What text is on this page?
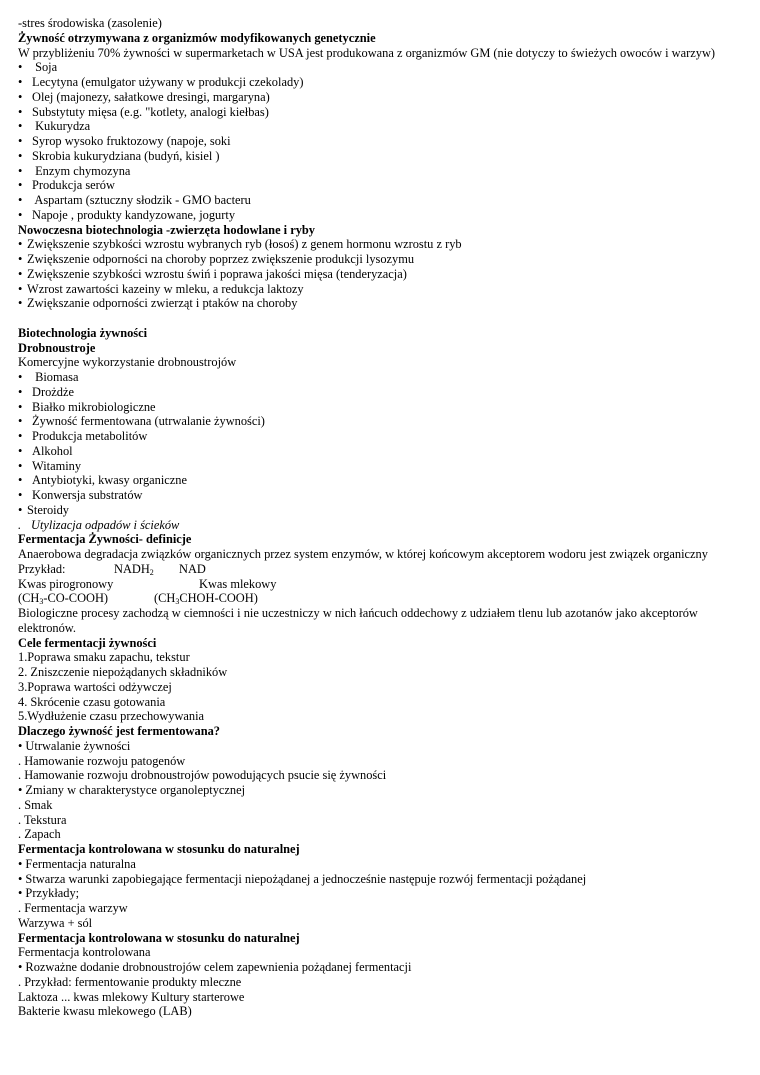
-stres środowiska (zasolenie)
Żywność otrzymywana z organizmów modyfikowanych genetycznie
W przybliżeniu 70% żywności w supermarketach w USA jest produkowana z organizmów GM (nie dotyczy to świeżych owoców i warzyw)
• Soja
• Lecytyna (emulgator używany w produkcji czekolady)
• Olej (majonezy, sałatkowe dresingi, margaryna)
• Substytuty mięsa (e.g. "kotlety, analogi kiełbas)
• Kukurydza
• Syrop wysoko fruktozowy (napoje, soki
• Skrobia kukurydziana (budyń, kisiel )
• Enzym chymozyna
• Produkcja serów
• Aspartam (sztuczny słodzik - GMO bacteru
• Napoje , produkty kandyzowane, jogurty
Nowoczesna biotechnologia -zwierzęta hodowlane i ryby
• Zwiększenie szybkości wzrostu wybranych ryb (łosoś) z genem hormonu wzrostu z ryb
• Zwiększenie odporności na choroby poprzez zwiększenie produkcji lysozymu
• Zwiększenie szybkości wzrostu świń i poprawa jakości mięsa (tenderyzacja)
• Wzrost zawartości kazeiny w mleku, a redukcja laktozy
• Zwiększanie odporności zwierząt i ptaków na choroby
Biotechnologia żywności
Drobnoustroje
Komercyjne wykorzystanie drobnoustrojów
• Biomasa
• Drożdże
• Białko mikrobiologiczne
• Żywność fermentowana (utrwalanie żywności)
• Produkcja metabolitów
• Alkohol
• Witaminy
• Antybiotyki, kwasy organiczne
• Konwersja substratów
• Steroidy
. Utylizacja odpadów i ścieków
Fermentacja Żywności- definicje
Anaerobowa degradacja związków organicznych przez system enzymów, w której końcowym akceptorem wodoru jest związek organiczny
Przykład:	$NADH_2$ NAD
Kwas pirogronowy	Kwas mlekowy
$(CH_3-CO-COOH)$	$(CH_3CHOH-COOH)$
Biologiczne procesy zachodzą w ciemności i nie uczestniczy w nich łańcuch oddechowy z udziałem tlenu lub azotanów jako akceptorów elektronów.
Cele fermentacji żywności
1.Poprawa smaku zapachu, tekstur
2. Zniszczenie niepożądanych składników
3.Poprawa wartości odżywczej
4. Skrócenie czasu gotowania
5.Wydłużenie czasu przechowywania
Dlaczego żywność jest fermentowana?
• Utrwalanie żywności
. Hamowanie rozwoju patogenów
. Hamowanie rozwoju drobnoustrojów powodujących psucie się żywności
• Zmiany w charakterystyce organoleptycznej
. Smak
. Tekstura
. Zapach
Fermentacja kontrolowana w stosunku do naturalnej
• Fermentacja naturalna
• Stwarza warunki zapobiegające fermentacji niepożądanej a jednocześnie następuje rozwój fermentacji pożądanej
• Przykłady;
. Fermentacja warzyw
Warzywa + sól
Fermentacja kontrolowana w stosunku do naturalnej
Fermentacja kontrolowana
• Rozważne dodanie drobnoustrojów celem zapewnienia pożądanej fermentacji
. Przykład: fermentowanie produkty mleczne
Laktoza ... kwas mlekowy Kultury starterowe
Bakterie kwasu mlekowego (LAB)
